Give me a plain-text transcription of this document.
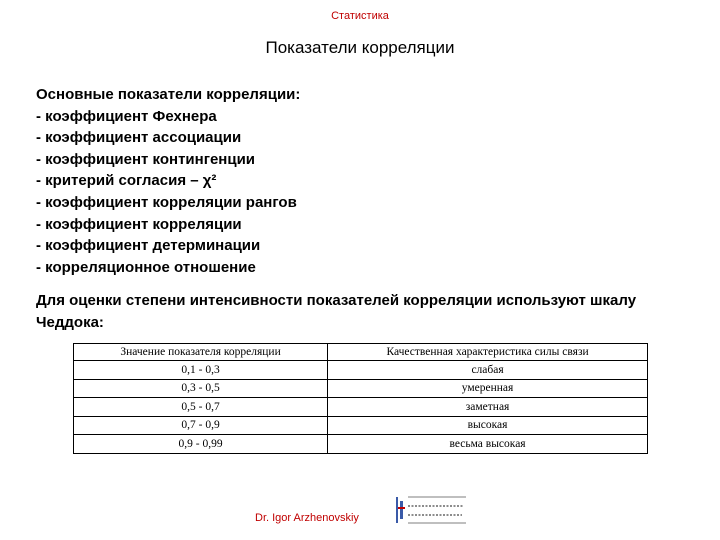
Статистика
Показатели корреляции
Основные показатели корреляции:
- коэффициент Фехнера
- коэффициент ассоциации
- коэффициент контингенции
- критерий согласия – χ²
- коэффициент корреляции рангов
- коэффициент корреляции
- коэффициент детерминации
- корреляционное отношение
Для оценки степени интенсивности показателей корреляции используют шкалу Чеддока:
Значение показателя корреляции	Качественная характеристика силы связи
0,1 - 0,3	слабая
0,3 - 0,5	умеренная
0,5 - 0,7	заметная
0,7 - 0,9	высокая
0,9 - 0,99	весьма высокая
Dr. Igor Arzhenovskiy
